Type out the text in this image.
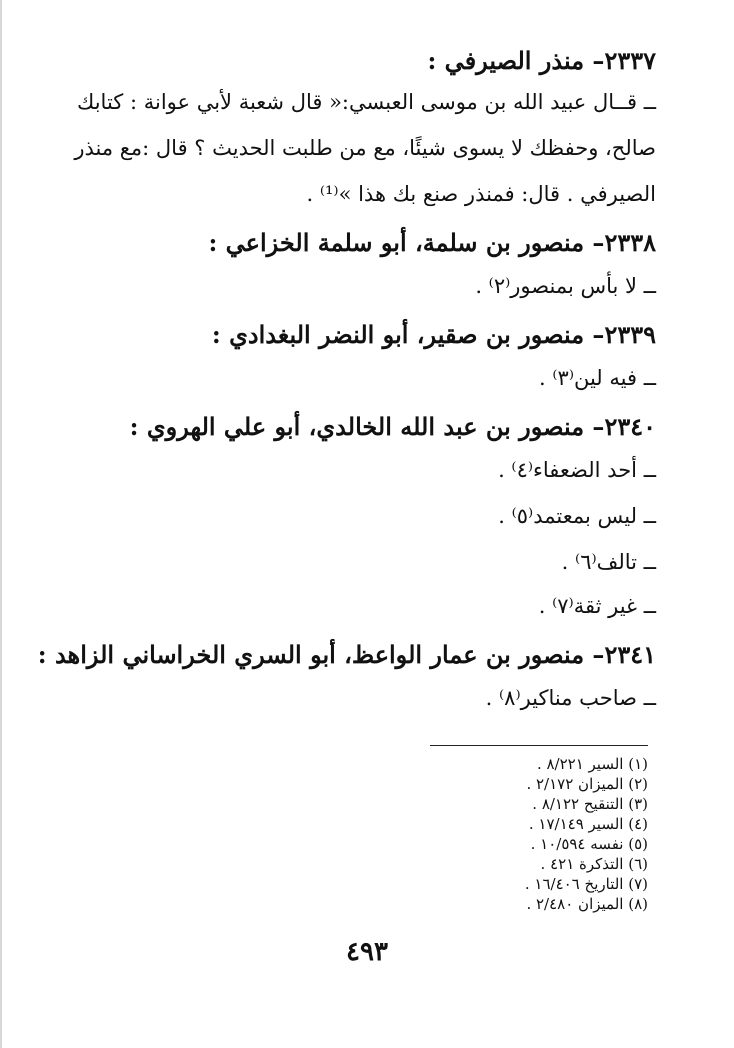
٢٣٣٧– منذر الصيرفي :
ــ قــال عبيد الله بن موسى العبسي:« قال شعبة لأبي عوانة : كتابك
صالح، وحفظك لا يسوى شيئًا، مع من طلبت الحديث ؟ قال :مع منذر
الصيرفي . قال: فمنذر صنع بك هذا »⁽¹⁾ .
٢٣٣٨– منصور بن سلمة، أبو سلمة الخزاعي :
ــ لا بأس بمنصور⁽٢⁾ .
٢٣٣٩– منصور بن صقير، أبو النضر البغدادي :
ــ فيه لين⁽٣⁾ .
٢٣٤٠– منصور بن عبد الله الخالدي، أبو علي الهروي :
ــ أحد الضعفاء⁽٤⁾ .
ــ ليس بمعتمد⁽٥⁾ .
ــ تالف⁽٦⁾ .
ــ غير ثقة⁽٧⁾ .
٢٣٤١– منصور بن عمار الواعظ، أبو السري الخراساني الزاهد :
ــ صاحب مناكير⁽٨⁾ .
(١) السير ٨/٢٢١ .
(٢) الميزان ٢/١٧٢ .
(٣) التنقيح ٨/١٢٢ .
(٤) السير ١٧/١٤٩ .
(٥) نفسه ١٠/٥٩٤ .
(٦) التذكرة ٤٢١ .
(٧) التاريخ ١٦/٤٠٦ .
(٨) الميزان ٢/٤٨٠ .
٤٩٣
